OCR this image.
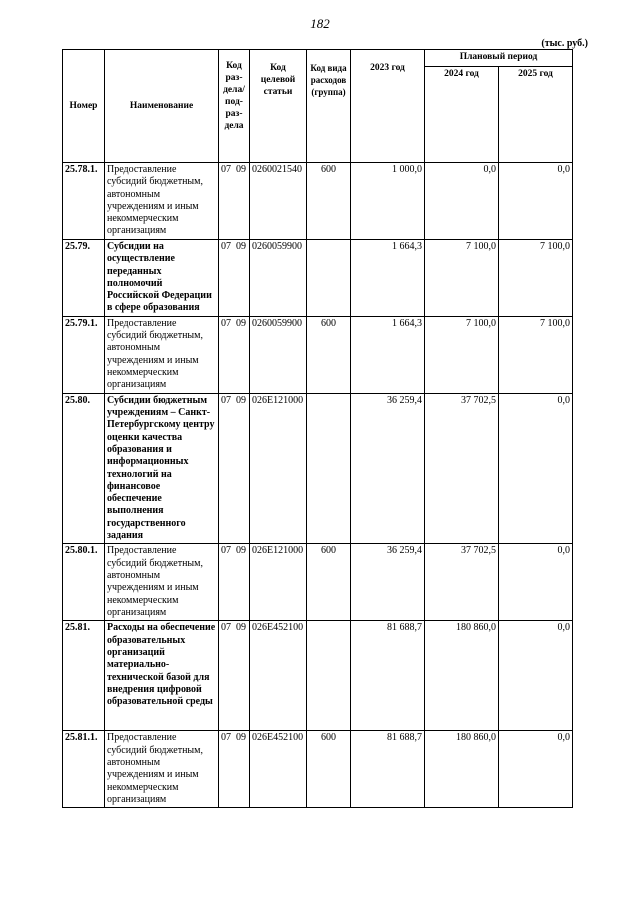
182
(тыс. руб.)
Номер	Наименование	Код раз-дела/ под-раз-дела	Код целевой статьи	Код вида расходов (группа)	2023 год	Плановый период	
						2024 год	2025 год
25.78.1.	Предоставление субсидий бюджетным, автономным учреждениям и иным некоммерческим организациям	07 09	0260021540	600	1 000,0	0,0	0,0
25.79.	Субсидии на осуществление переданных полномочий Российской Федерации в сфере образования	07 09	0260059900		1 664,3	7 100,0	7 100,0
25.79.1.	Предоставление субсидий бюджетным, автономным учреждениям и иным некоммерческим организациям	07 09	0260059900	600	1 664,3	7 100,0	7 100,0
25.80.	Субсидии бюджетным учреждениям – Санкт-Петербургскому центру оценки качества образования и информационных технологий на финансовое обеспечение выполнения государственного задания	07 09	026Е121000		36 259,4	37 702,5	0,0
25.80.1.	Предоставление субсидий бюджетным, автономным учреждениям и иным некоммерческим организациям	07 09	026Е121000	600	36 259,4	37 702,5	0,0
25.81.	Расходы на обеспечение образовательных организаций материально-технической базой для внедрения цифровой образовательной среды	07 09	026Е452100		81 688,7	180 860,0	0,0
25.81.1.	Предоставление субсидий бюджетным, автономным учреждениям и иным некоммерческим организациям	07 09	026Е452100	600	81 688,7	180 860,0	0,0
